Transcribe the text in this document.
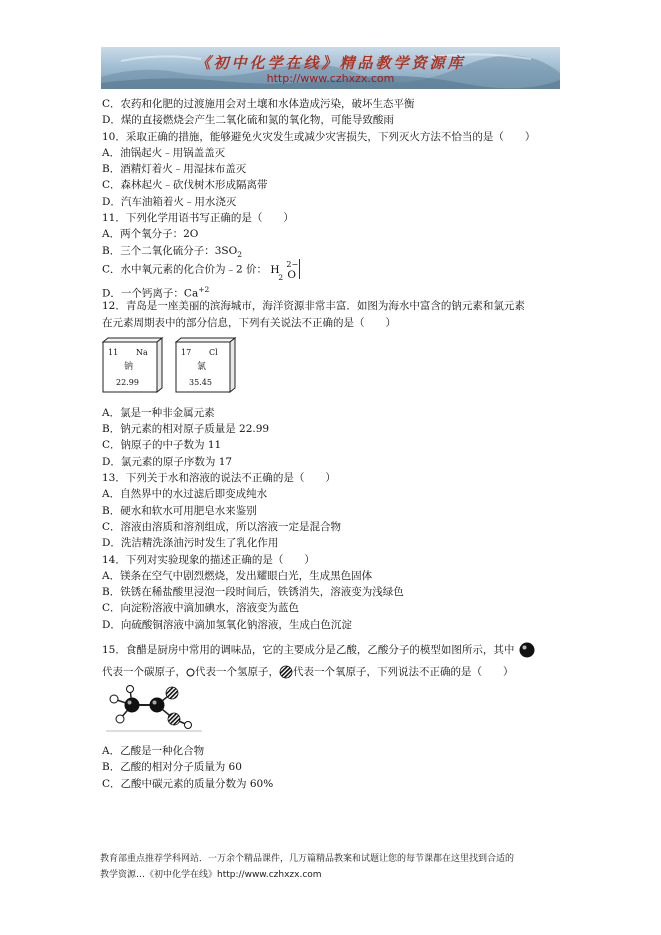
《初中化学在线》精品教学资源库
http://www.czhxzx.com
C．农药和化肥的过渡施用会对土壤和水体造成污染，破坏生态平衡
D．煤的直接燃烧会产生二氧化硫和氮的氧化物，可能导致酸雨
10．采取正确的措施，能够避免火灾发生或减少灾害损失，下列灭火方法不恰当的是（　　）
A．油锅起火﹣用锅盖盖灭
B．酒精灯着火﹣用湿抹布盖灭
C．森林起火﹣砍伐树木形成隔离带
D．汽车油箱着火﹣用水浇灭
11．下列化学用语书写正确的是（　　）
A．两个氧分子：2O
B．三个二氧化硫分子：$3SO_2$
C．水中氧元素的化合价为﹣2 价： H
2
2−
O
D．一个钙离子：$Ca^{+2}$
12．青岛是一座美丽的滨海城市，海洋资源非常丰富．如图为海水中富含的钠元素和氯元素
在元素周期表中的部分信息，下列有关说法不正确的是（　　）
11 Na
钠
22.99
17 Cl
氯
35.45
A．氯是一种非金属元素
B．钠元素的相对原子质量是 22.99
C．钠原子的中子数为 11
D．氯元素的原子序数为 17
13．下列关于水和溶液的说法不正确的是（　　）
A．自然界中的水过滤后即变成纯水
B．硬水和软水可用肥皂水来鉴别
C．溶液由溶质和溶剂组成，所以溶液一定是混合物
D．洗洁精洗涤油污时发生了乳化作用
14．下列对实验现象的描述正确的是（　　）
A．镁条在空气中剧烈燃烧，发出耀眼白光，生成黑色固体
B．铁锈在稀盐酸里浸泡一段时间后，铁锈消失，溶液变为浅绿色
C．向淀粉溶液中滴加碘水，溶液变为蓝色
D．向硫酸铜溶液中滴加氢氧化钠溶液，生成白色沉淀
15．食醋是厨房中常用的调味品，它的主要成分是乙酸，乙酸分子的模型如图所示，其中
代表一个碳原子， 代表一个氢原子， 代表一个氧原子，下列说法不正确的是（　　）
A．乙酸是一种化合物
B．乙酸的相对分子质量为 60
C．乙酸中碳元素的质量分数为 60%
教育部重点推荐学科网站．一万余个精品课件，几万篇精品教案和试题让您的每节课都在这里找到合适的
教学资源…《初中化学在线》http://www.czhxzx.com
